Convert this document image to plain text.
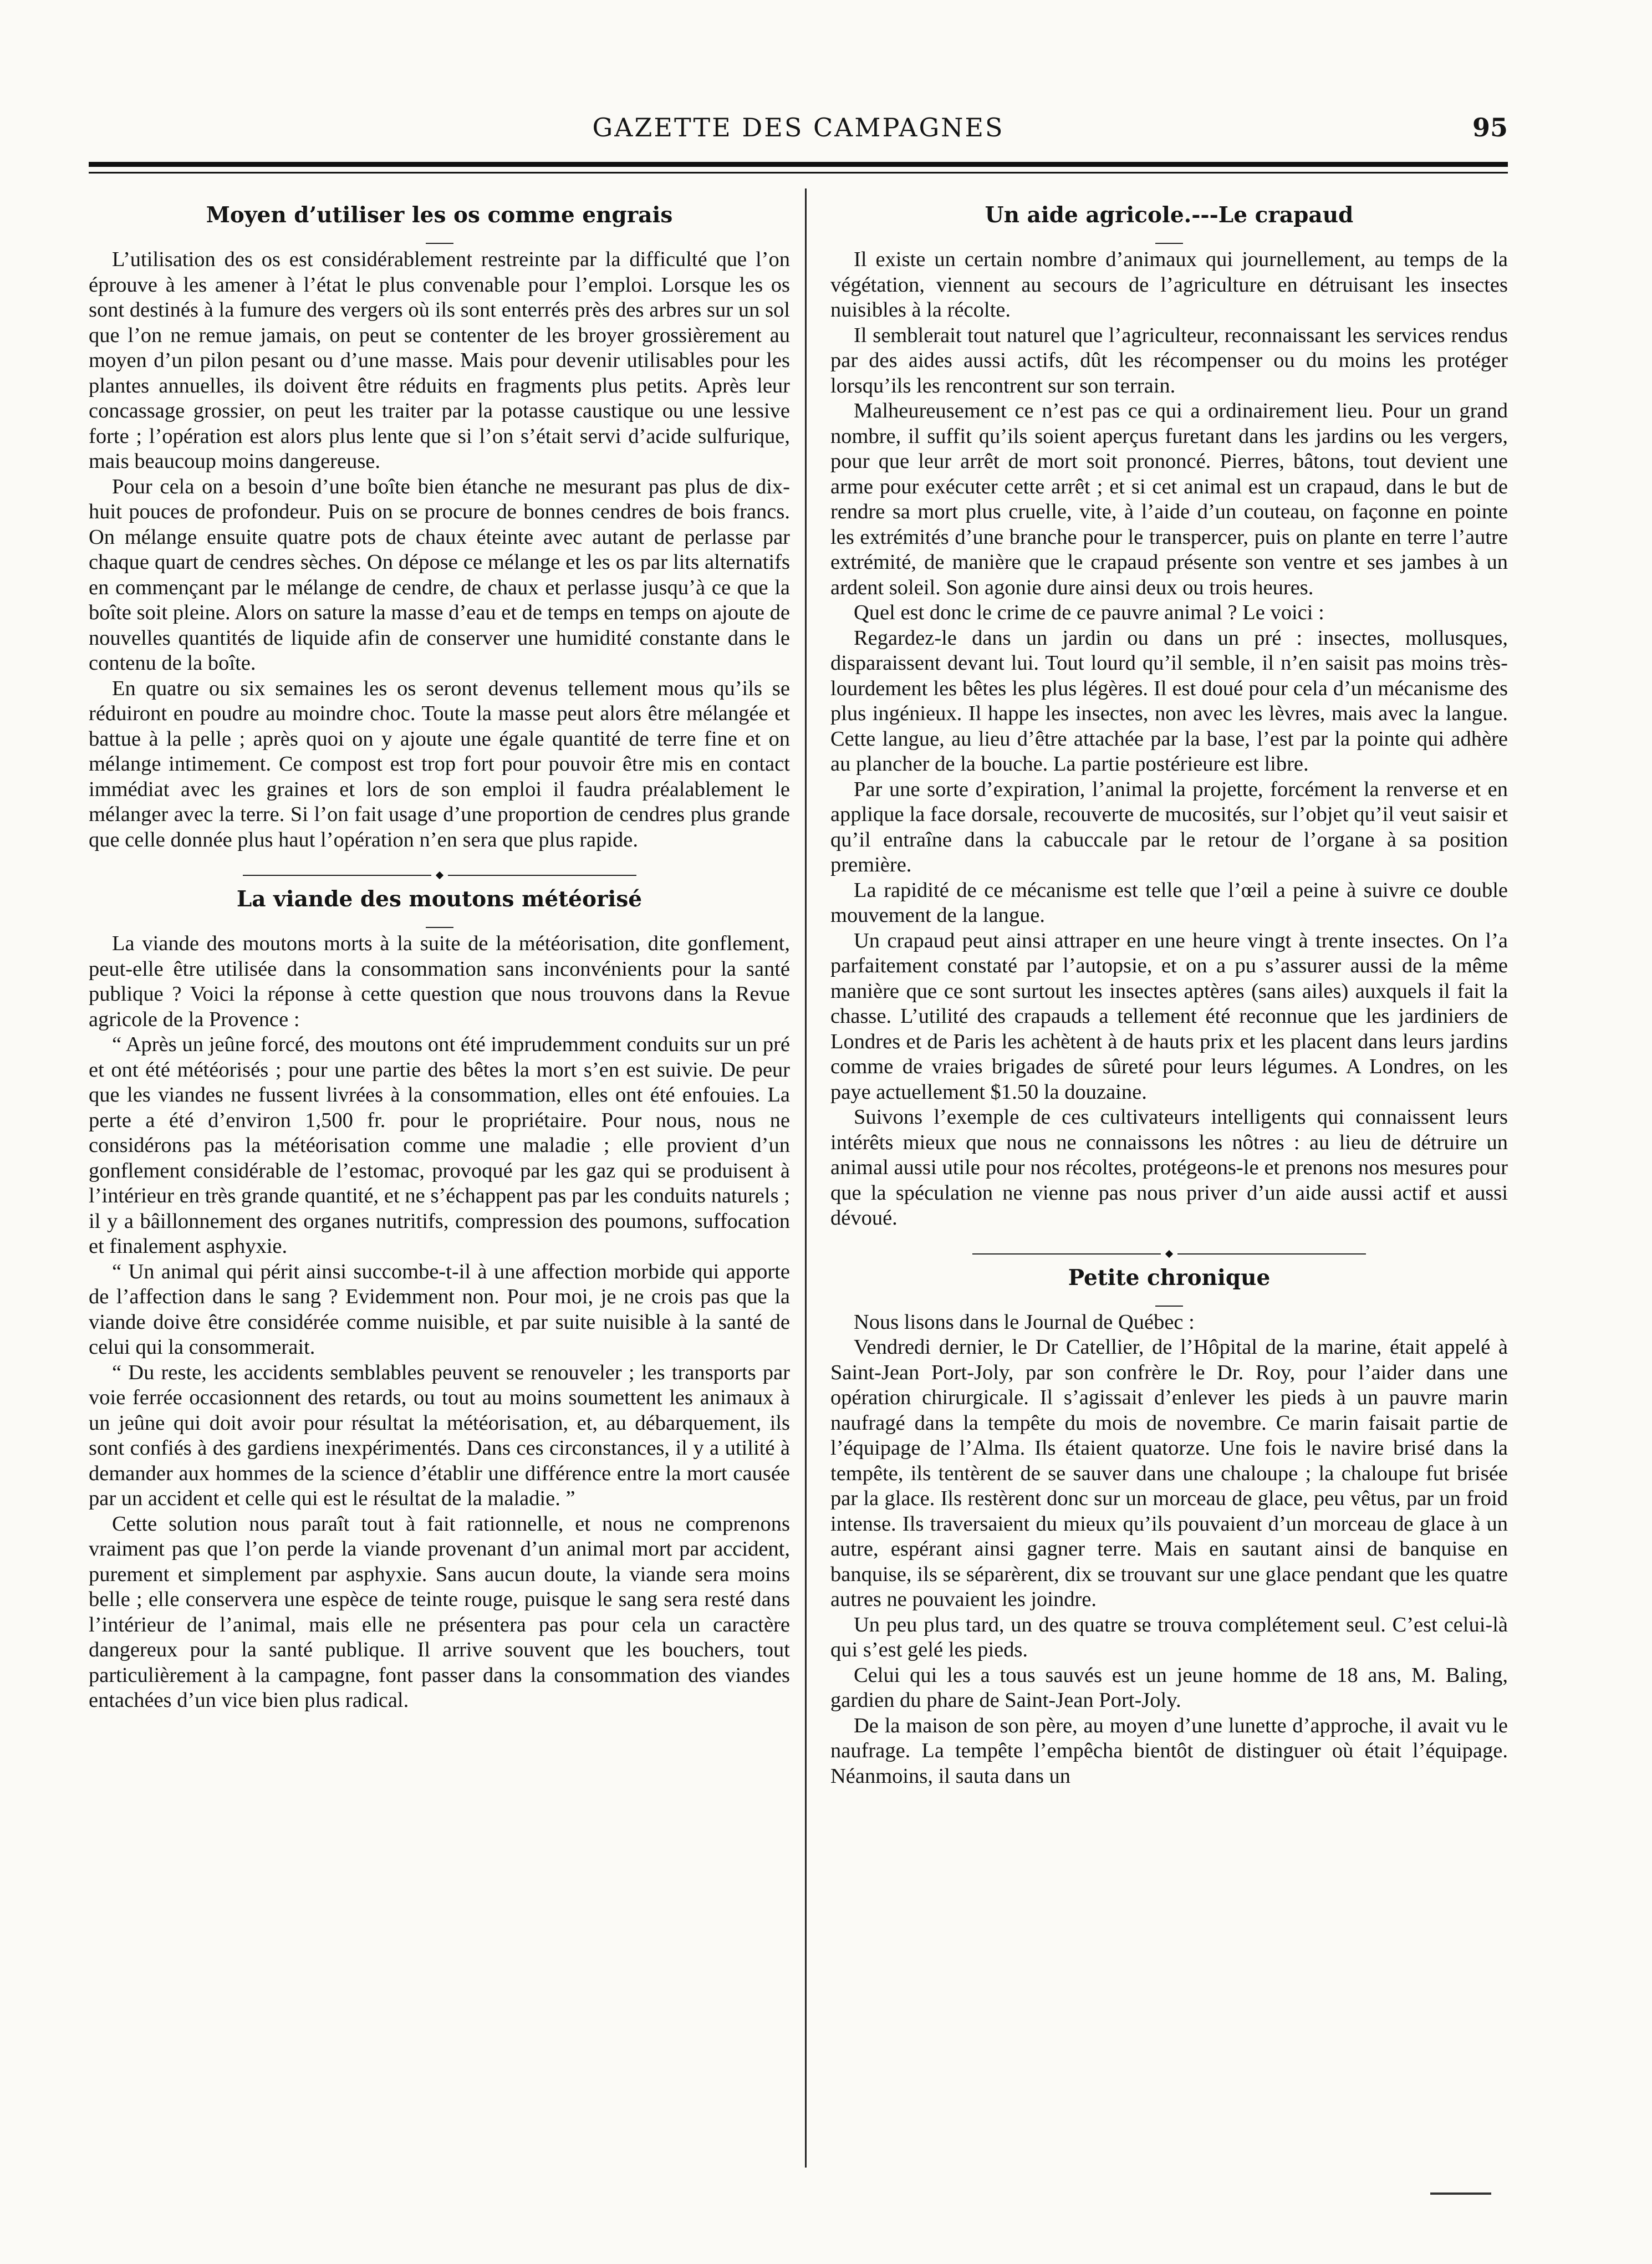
GAZETTE DES CAMPAGNES	95
Moyen d’utiliser les os comme engrais

L’utilisation des os est considérablement restreinte par la difficulté que l’on éprouve à les amener à l’état le plus convenable pour l’emploi. Lorsque les os sont destinés à la fumure des vergers où ils sont enterrés près des arbres sur un sol que l’on ne remue jamais, on peut se contenter de les broyer grossièrement au moyen d’un pilon pesant ou d’une masse. Mais pour devenir utilisables pour les plantes annuelles, ils doivent être réduits en fragments plus petits. Après leur concassage grossier, on peut les traiter par la potasse caustique ou une lessive forte ; l’opération est alors plus lente que si l’on s’était servi d’acide sulfurique, mais beaucoup moins dangereuse.

Pour cela on a besoin d’une boîte bien étanche ne mesurant pas plus de dix-huit pouces de profondeur. Puis on se procure de bonnes cendres de bois francs. On mélange ensuite quatre pots de chaux éteinte avec autant de perlasse par chaque quart de cendres sèches. On dépose ce mélange et les os par lits alternatifs en commençant par le mélange de cendre, de chaux et perlasse jusqu’à ce que la boîte soit pleine. Alors on sature la masse d’eau et de temps en temps on ajoute de nouvelles quantités de liquide afin de conserver une humidité constante dans le contenu de la boîte.

En quatre ou six semaines les os seront devenus tellement mous qu’ils se réduiront en poudre au moindre choc. Toute la masse peut alors être mélangée et battue à la pelle ; après quoi on y ajoute une égale quantité de terre fine et on mélange intimement. Ce compost est trop fort pour pouvoir être mis en contact immédiat avec les graines et lors de son emploi il faudra préalablement le mélanger avec la terre. Si l’on fait usage d’une proportion de cendres plus grande que celle donnée plus haut l’opération n’en sera que plus rapide.

La viande des moutons météorisé

La viande des moutons morts à la suite de la météorisation, dite gonflement, peut-elle être utilisée dans la consommation sans inconvénients pour la santé publique ? Voici la réponse à cette question que nous trouvons dans la Revue agricole de la Provence :

“ Après un jeûne forcé, des moutons ont été imprudemment conduits sur un pré et ont été météorisés ; pour une partie des bêtes la mort s’en est suivie. De peur que les viandes ne fussent livrées à la consommation, elles ont été enfouies. La perte a été d’environ 1,500 fr. pour le propriétaire. Pour nous, nous ne considérons pas la météorisation comme une maladie ; elle provient d’un gonflement considérable de l’estomac, provoqué par les gaz qui se produisent à l’intérieur en très grande quantité, et ne s’échappent pas par les conduits naturels ; il y a bâillonnement des organes nutritifs, compression des poumons, suffocation et finalement asphyxie.

“ Un animal qui périt ainsi succombe-t-il à une affection morbide qui apporte de l’affection dans le sang ? Evidemment non. Pour moi, je ne crois pas que la viande doive être considérée comme nuisible, et par suite nuisible à la santé de celui qui la consommerait.

“ Du reste, les accidents semblables peuvent se renouveler ; les transports par voie ferrée occasionnent des retards, ou tout au moins soumettent les animaux à un jeûne qui doit avoir pour résultat la météorisation, et, au débarquement, ils sont confiés à des gardiens inexpérimentés. Dans ces circonstances, il y a utilité à demander aux hommes de la science d’établir une différence entre la mort causée par un accident et celle qui est le résultat de la maladie. ”

Cette solution nous paraît tout à fait rationnelle, et nous ne comprenons vraiment pas que l’on perde la viande provenant d’un animal mort par accident, purement et simplement par asphyxie. Sans aucun doute, la viande sera moins belle ; elle conservera une espèce de teinte rouge, puisque le sang sera resté dans l’intérieur de l’animal, mais elle ne présentera pas pour cela un caractère dangereux pour la santé publique. Il arrive souvent que les bouchers, tout particulièrement à la campagne, font passer dans la consommation des viandes entachées d’un vice bien plus radical.

Un aide agricole.---Le crapaud

Il existe un certain nombre d’animaux qui journellement, au temps de la végétation, viennent au secours de l’agriculture en détruisant les insectes nuisibles à la récolte.

Il semblerait tout naturel que l’agriculteur, reconnaissant les services rendus par des aides aussi actifs, dût les récompenser ou du moins les protéger lorsqu’ils les rencontrent sur son terrain.

Malheureusement ce n’est pas ce qui a ordinairement lieu. Pour un grand nombre, il suffit qu’ils soient aperçus furetant dans les jardins ou les vergers, pour que leur arrêt de mort soit prononcé. Pierres, bâtons, tout devient une arme pour exécuter cette arrêt ; et si cet animal est un crapaud, dans le but de rendre sa mort plus cruelle, vite, à l’aide d’un couteau, on façonne en pointe les extrémités d’une branche pour le transpercer, puis on plante en terre l’autre extrémité, de manière que le crapaud présente son ventre et ses jambes à un ardent soleil. Son agonie dure ainsi deux ou trois heures.

Quel est donc le crime de ce pauvre animal ? Le voici :

Regardez-le dans un jardin ou dans un pré : insectes, mollusques, disparaissent devant lui. Tout lourd qu’il semble, il n’en saisit pas moins très-lourdement les bêtes les plus légères. Il est doué pour cela d’un mécanisme des plus ingénieux. Il happe les insectes, non avec les lèvres, mais avec la langue. Cette langue, au lieu d’être attachée par la base, l’est par la pointe qui adhère au plancher de la bouche. La partie postérieure est libre.

Par une sorte d’expiration, l’animal la projette, forcément la renverse et en applique la face dorsale, recouverte de mucosités, sur l’objet qu’il veut saisir et qu’il entraîne dans la cabuccale par le retour de l’organe à sa position première.

La rapidité de ce mécanisme est telle que l’œil a peine à suivre ce double mouvement de la langue.

Un crapaud peut ainsi attraper en une heure vingt à trente insectes. On l’a parfaitement constaté par l’autopsie, et on a pu s’assurer aussi de la même manière que ce sont surtout les insectes aptères (sans ailes) auxquels il fait la chasse. L’utilité des crapauds a tellement été reconnue que les jardiniers de Londres et de Paris les achètent à de hauts prix et les placent dans leurs jardins comme de vraies brigades de sûreté pour leurs légumes. A Londres, on les paye actuellement $1.50 la douzaine.

Suivons l’exemple de ces cultivateurs intelligents qui connaissent leurs intérêts mieux que nous ne connaissons les nôtres : au lieu de détruire un animal aussi utile pour nos récoltes, protégeons-le et prenons nos mesures pour que la spéculation ne vienne pas nous priver d’un aide aussi actif et aussi dévoué.

Petite chronique

Nous lisons dans le Journal de Québec :

Vendredi dernier, le Dr Catellier, de l’Hôpital de la marine, était appelé à Saint-Jean Port-Joly, par son confrère le Dr. Roy, pour l’aider dans une opération chirurgicale. Il s’agissait d’enlever les pieds à un pauvre marin naufragé dans la tempête du mois de novembre. Ce marin faisait partie de l’équipage de l’Alma. Ils étaient quatorze. Une fois le navire brisé dans la tempête, ils tentèrent de se sauver dans une chaloupe ; la chaloupe fut brisée par la glace. Ils restèrent donc sur un morceau de glace, peu vêtus, par un froid intense. Ils traversaient du mieux qu’ils pouvaient d’un morceau de glace à un autre, espérant ainsi gagner terre. Mais en sautant ainsi de banquise en banquise, ils se séparèrent, dix se trouvant sur une glace pendant que les quatre autres ne pouvaient les joindre.

Un peu plus tard, un des quatre se trouva complétement seul. C’est celui-là qui s’est gelé les pieds.

Celui qui les a tous sauvés est un jeune homme de 18 ans, M. Baling, gardien du phare de Saint-Jean Port-Joly.

De la maison de son père, au moyen d’une lunette d’approche, il avait vu le naufrage. La tempête l’empêcha bientôt de distinguer où était l’équipage. Néanmoins, il sauta dans un
